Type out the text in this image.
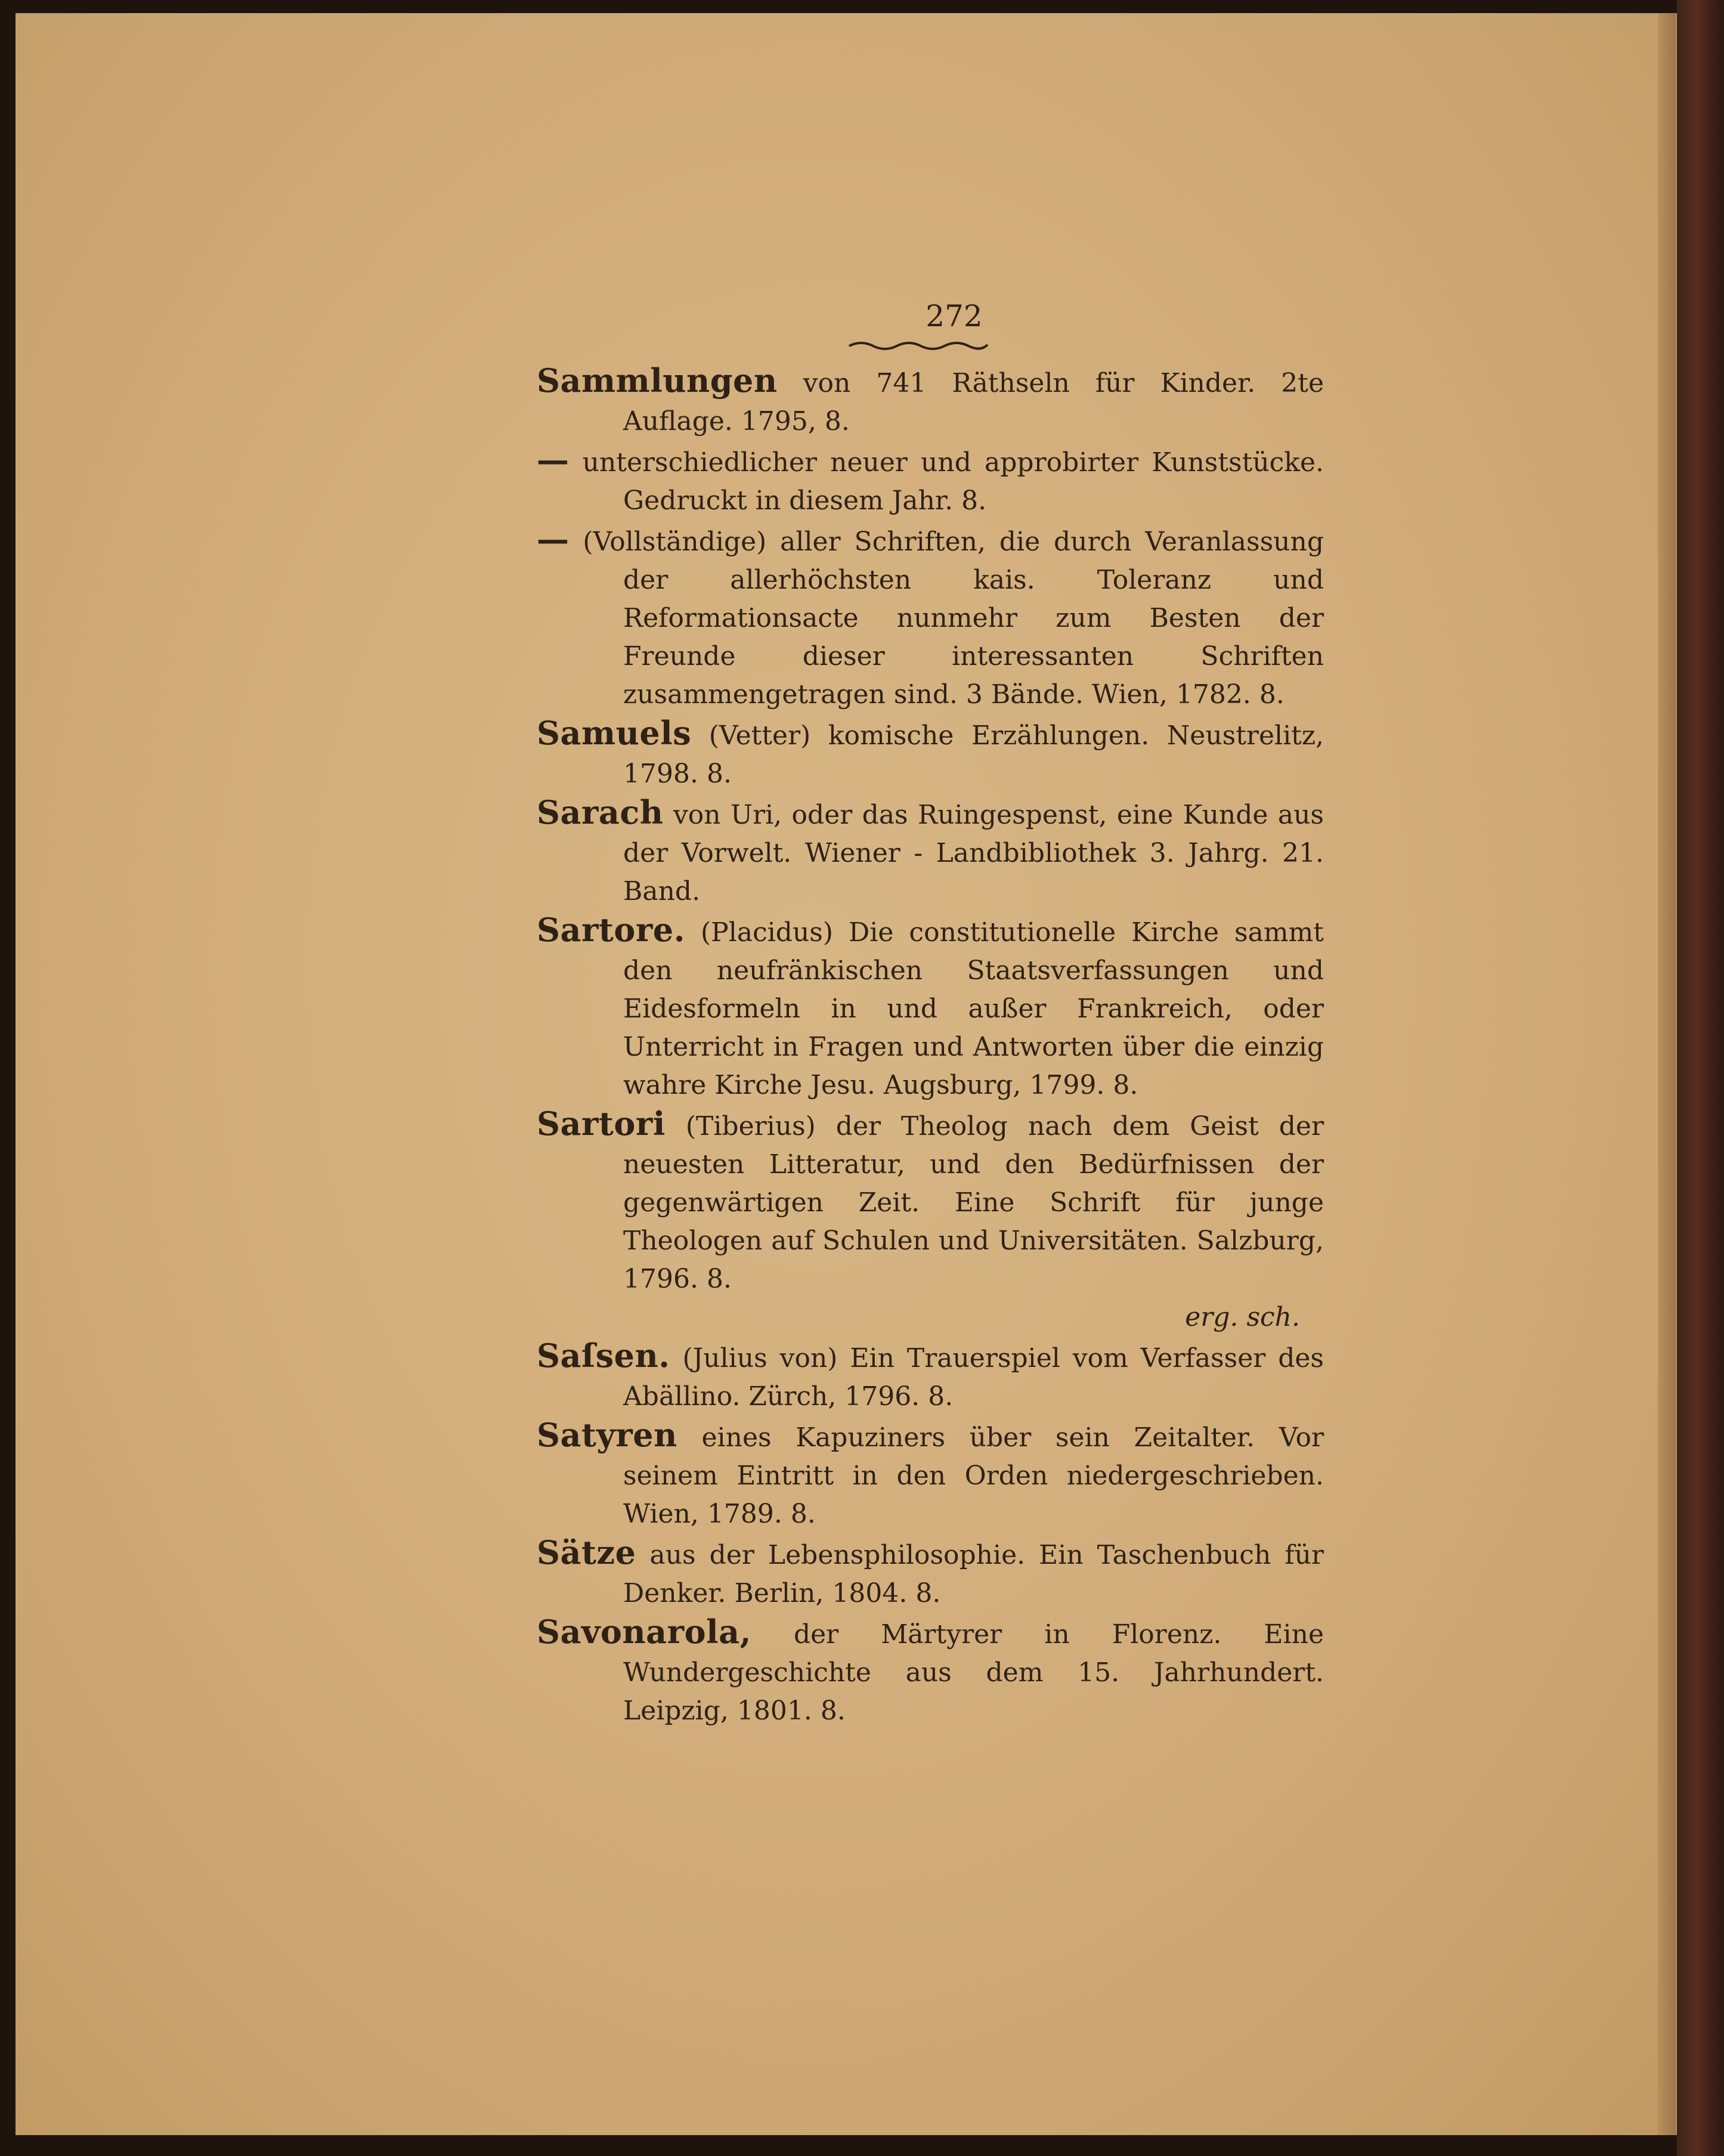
272

Sammlungen von 741 Räthseln für Kinder. 2te Auflage. 1795, 8.

— unterschiedlicher neuer und approbirter Kunststücke. Gedruckt in diesem Jahr. 8.

— (Vollständige) aller Schriften, die durch Veranlassung der allerhöchsten kais. Toleranz und Reformationsacte nunmehr zum Besten der Freunde dieser interessanten Schriften zusammengetragen sind. 3 Bände. Wien, 1782. 8.

Samuels (Vetter) komische Erzählungen. Neustrelitz, 1798. 8.

Sarach von Uri, oder das Ruingespenst, eine Kunde aus der Vorwelt. Wiener - Landbibliothek 3. Jahrg. 21. Band.

Sartore. (Placidus) Die constitutionelle Kirche sammt den neufränkischen Staatsverfassungen und Eidesformeln in und außer Frankreich, oder Unterricht in Fragen und Antworten über die einzig wahre Kirche Jesu. Augsburg, 1799. 8.

Sartori (Tiberius) der Theolog nach dem Geist der neuesten Litteratur, und den Bedürfnissen der gegenwärtigen Zeit. Eine Schrift für junge Theologen auf Schulen und Universitäten. Salzburg, 1796. 8.

erg. sch.

Saſsen. (Julius von) Ein Trauerspiel vom Verfasser des Abällino. Zürch, 1796. 8.

Satyren eines Kapuziners über sein Zeitalter. Vor seinem Eintritt in den Orden niedergeschrieben. Wien, 1789. 8.

Sätze aus der Lebensphilosophie. Ein Taschenbuch für Denker. Berlin, 1804. 8.

Savonarola, der Märtyrer in Florenz. Eine Wundergeschichte aus dem 15. Jahrhundert. Leipzig, 1801. 8.
